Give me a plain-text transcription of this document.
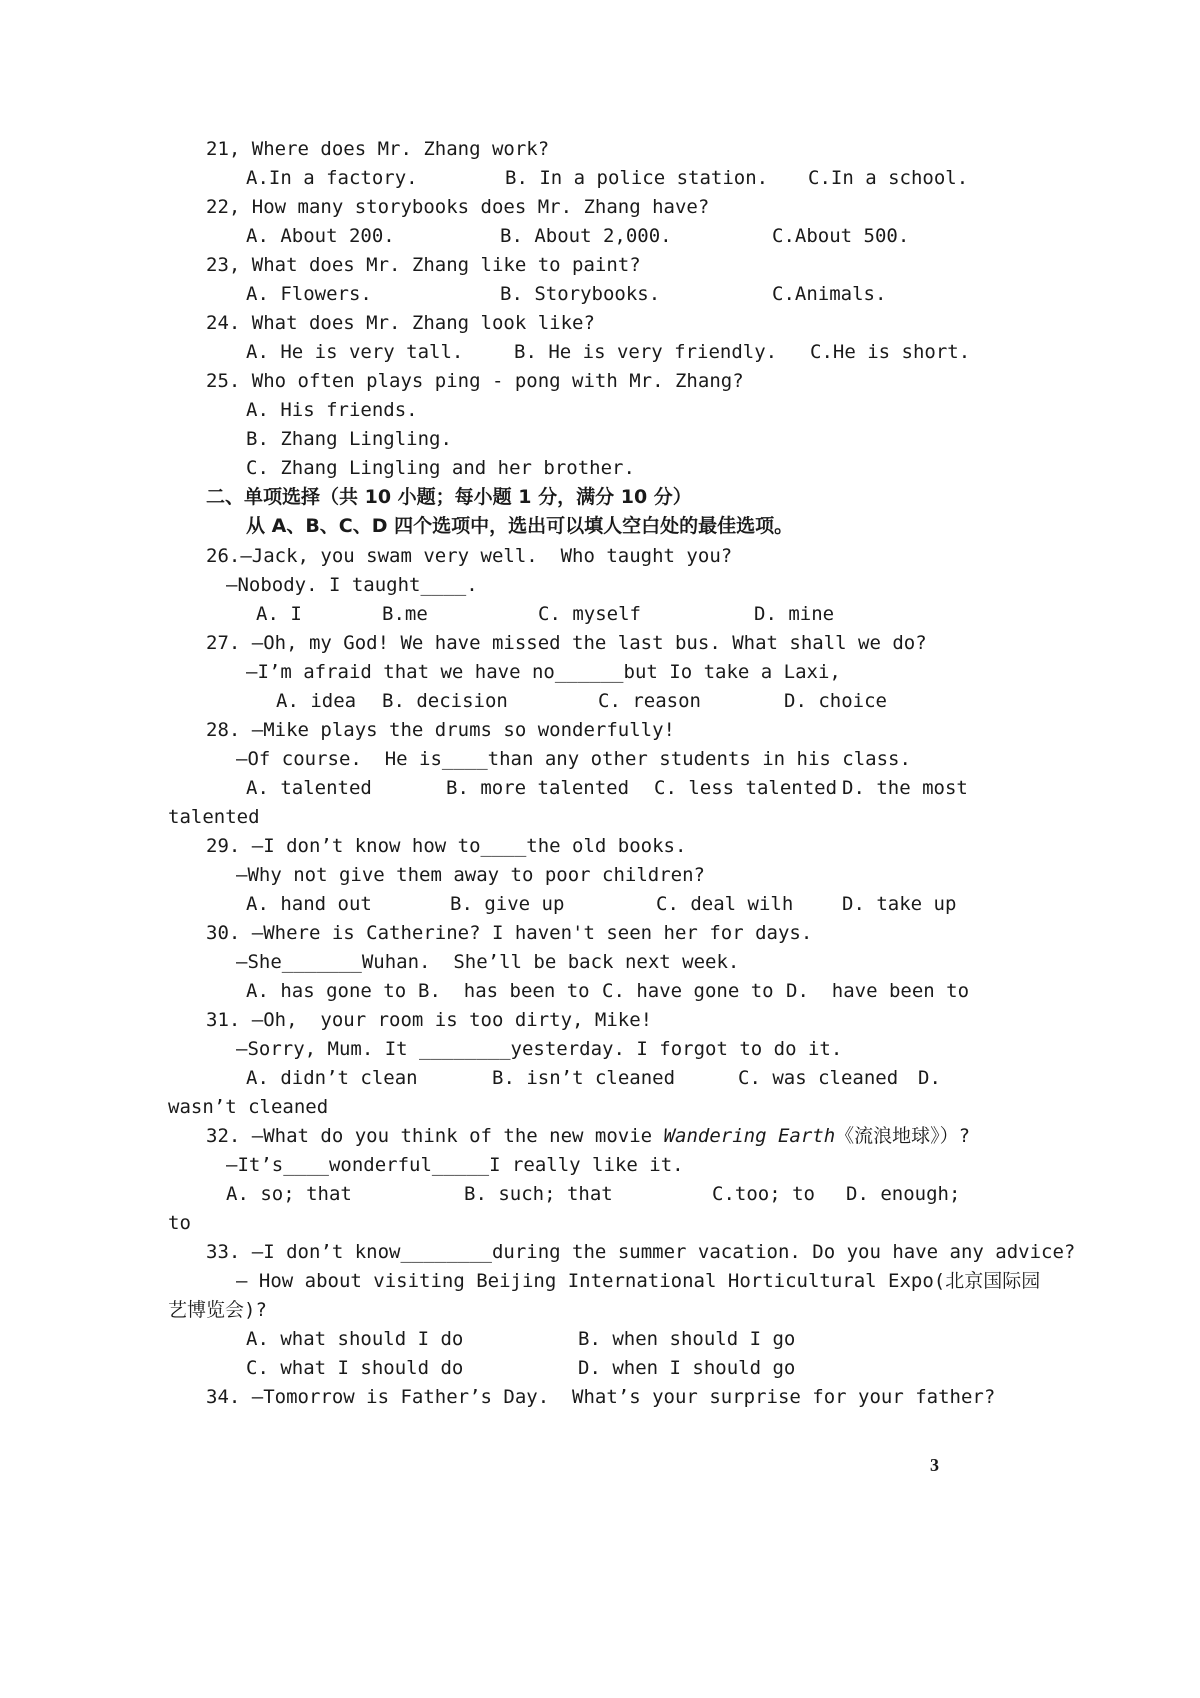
21, Where does Mr. Zhang work?
A.In a factory.	B. In a police station. C.In a school.
22, How many storybooks does Mr. Zhang have?
A. About 200.	B. About 2,000.	C.About 500.
23, What does Mr. Zhang like to paint?
A. Flowers.	B. Storybooks.	C.Animals.
24. What does Mr. Zhang look like?
A. He is very tall.	B. He is very friendly. C.He is short.
25. Who often plays ping - pong with Mr. Zhang?
A. His friends.
B. Zhang Lingling.
C. Zhang Lingling and her brother.
二、单项选择（共 10 小题；每小题 1 分，满分 10 分）
从 A、B、C、D 四个选项中，选出可以填人空白处的最佳选项。
26.—Jack, you swam very well.  Who taught you?
—Nobody. I taught____.
A. I	B.me	C. myself	D. mine
27. —Oh, my God! We have missed the last bus. What shall we do?
—I’m afraid that we have no______but Io take a Laxi,
A. idea B. decision	C. reason	D. choice
28. —Mike plays the drums so wonderfully!
—Of course.  He is____than any other students in his class.
A. talented	B. more talented C. less talented D. the most
talented
29. —I don’t know how to____the old books.
—Why not give them away to poor children?
A. hand out	B. give up	C. deal wilh	D. take up
30. —Where is Catherine? I haven't seen her for days.
—She_______Wuhan.  She’ll be back next week.
A. has gone to B.  has been to C. have gone to D.  have been to
31. —Oh,  your room is too dirty, Mike!
—Sorry, Mum. It ________yesterday. I forgot to do it.
A. didn’t clean	B. isn’t cleaned	C. was cleaned D.
wasn’t cleaned
32. —What do you think of the new movie Wandering Earth《流浪地球》）?
—It’s____wonderful_____I really like it.
A. so; that	B. such; that	C.too; to D. enough;
to
33. —I don’t know________during the summer vacation. Do you have any advice?
— How about visiting Beijing International Horticultural Expo(北京国际园
艺博览会)?
A. what should I do	B. when should I go
C. what I should do	D. when I should go
34. —Tomorrow is Father’s Day.  What’s your surprise for your father?
3
